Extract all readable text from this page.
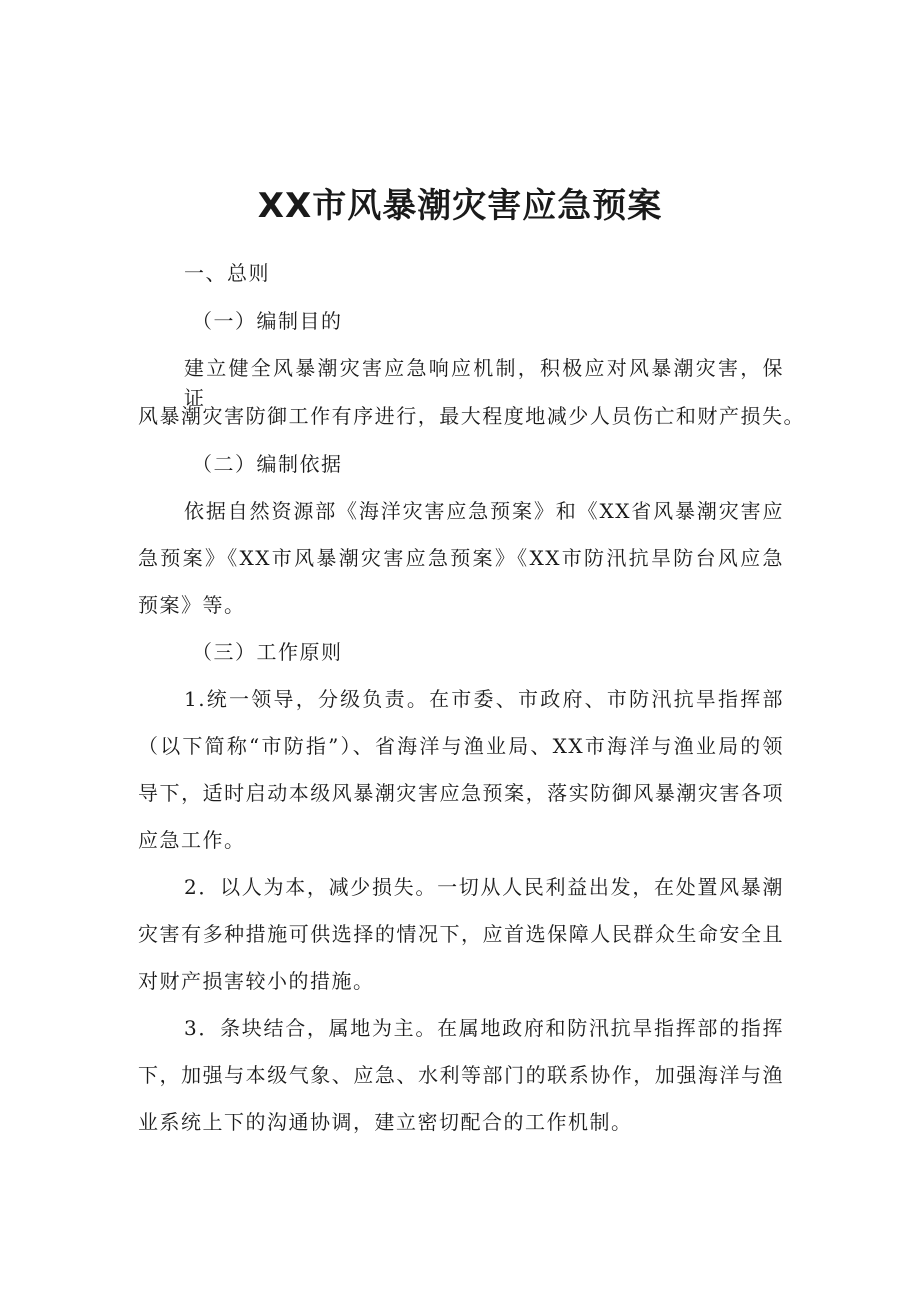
XX市风暴潮灾害应急预案
一、总则
（一）编制目的
建立健全风暴潮灾害应急响应机制，积极应对风暴潮灾害，保证
风暴潮灾害防御工作有序进行，最大程度地减少人员伤亡和财产损失。
（二）编制依据
依据自然资源部《海洋灾害应急预案》和《XX省风暴潮灾害应
急预案》《XX市风暴潮灾害应急预案》《XX市防汛抗旱防台风应急
预案》等。
（三）工作原则
1.统一领导，分级负责。在市委、市政府、市防汛抗旱指挥部
（以下简称“市防指”）、省海洋与渔业局、XX市海洋与渔业局的领
导下，适时启动本级风暴潮灾害应急预案，落实防御风暴潮灾害各项
应急工作。
2．以人为本，减少损失。一切从人民利益出发，在处置风暴潮
灾害有多种措施可供选择的情况下，应首选保障人民群众生命安全且
对财产损害较小的措施。
3．条块结合，属地为主。在属地政府和防汛抗旱指挥部的指挥
下，加强与本级气象、应急、水利等部门的联系协作，加强海洋与渔
业系统上下的沟通协调，建立密切配合的工作机制。
